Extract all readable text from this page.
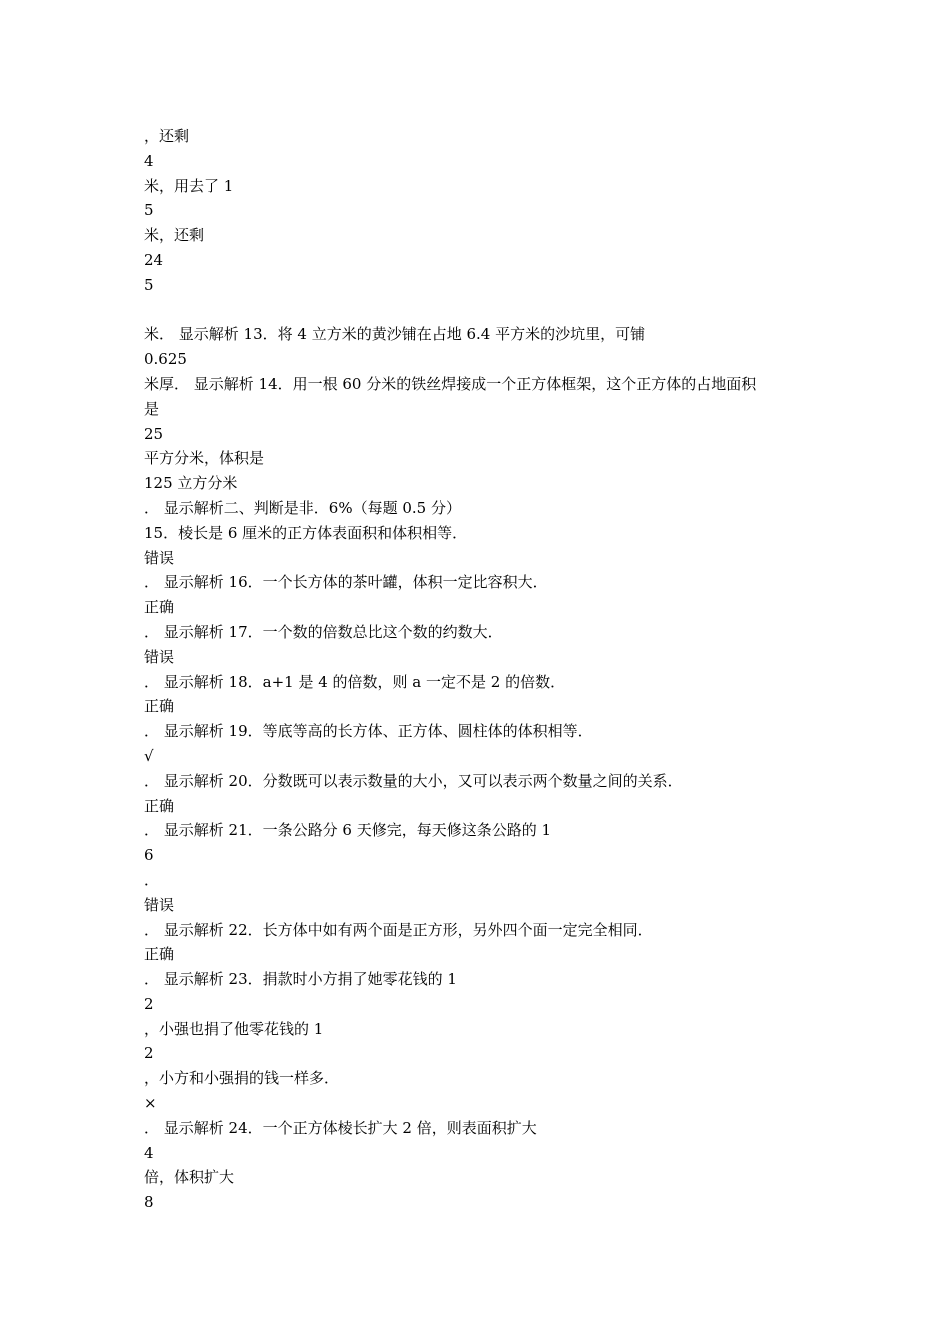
，还剩
4
米，用去了 1
5
米，还剩
24
5
米． 显示解析 13．将 4 立方米的黄沙铺在占地 6.4 平方米的沙坑里，可铺
0.625
米厚． 显示解析 14．用一根 60 分米的铁丝焊接成一个正方体框架，这个正方体的占地面积
是
25
平方分米，体积是
125 立方分米
． 显示解析二、判断是非．6%（每题 0.5 分）
15．棱长是 6 厘米的正方体表面积和体积相等．
错误
． 显示解析 16．一个长方体的茶叶罐，体积一定比容积大．
正确
． 显示解析 17．一个数的倍数总比这个数的约数大．
错误
． 显示解析 18．a+1 是 4 的倍数，则 a 一定不是 2 的倍数．
正确
． 显示解析 19．等底等高的长方体、正方体、圆柱体的体积相等．
√
． 显示解析 20．分数既可以表示数量的大小，又可以表示两个数量之间的关系．
正确
． 显示解析 21．一条公路分 6 天修完，每天修这条公路的 1
6
．
错误
． 显示解析 22．长方体中如有两个面是正方形，另外四个面一定完全相同．
正确
． 显示解析 23．捐款时小方捐了她零花钱的 1
2
，小强也捐了他零花钱的 1
2
，小方和小强捐的钱一样多．
×
． 显示解析 24．一个正方体棱长扩大 2 倍，则表面积扩大
4
倍，体积扩大
8
